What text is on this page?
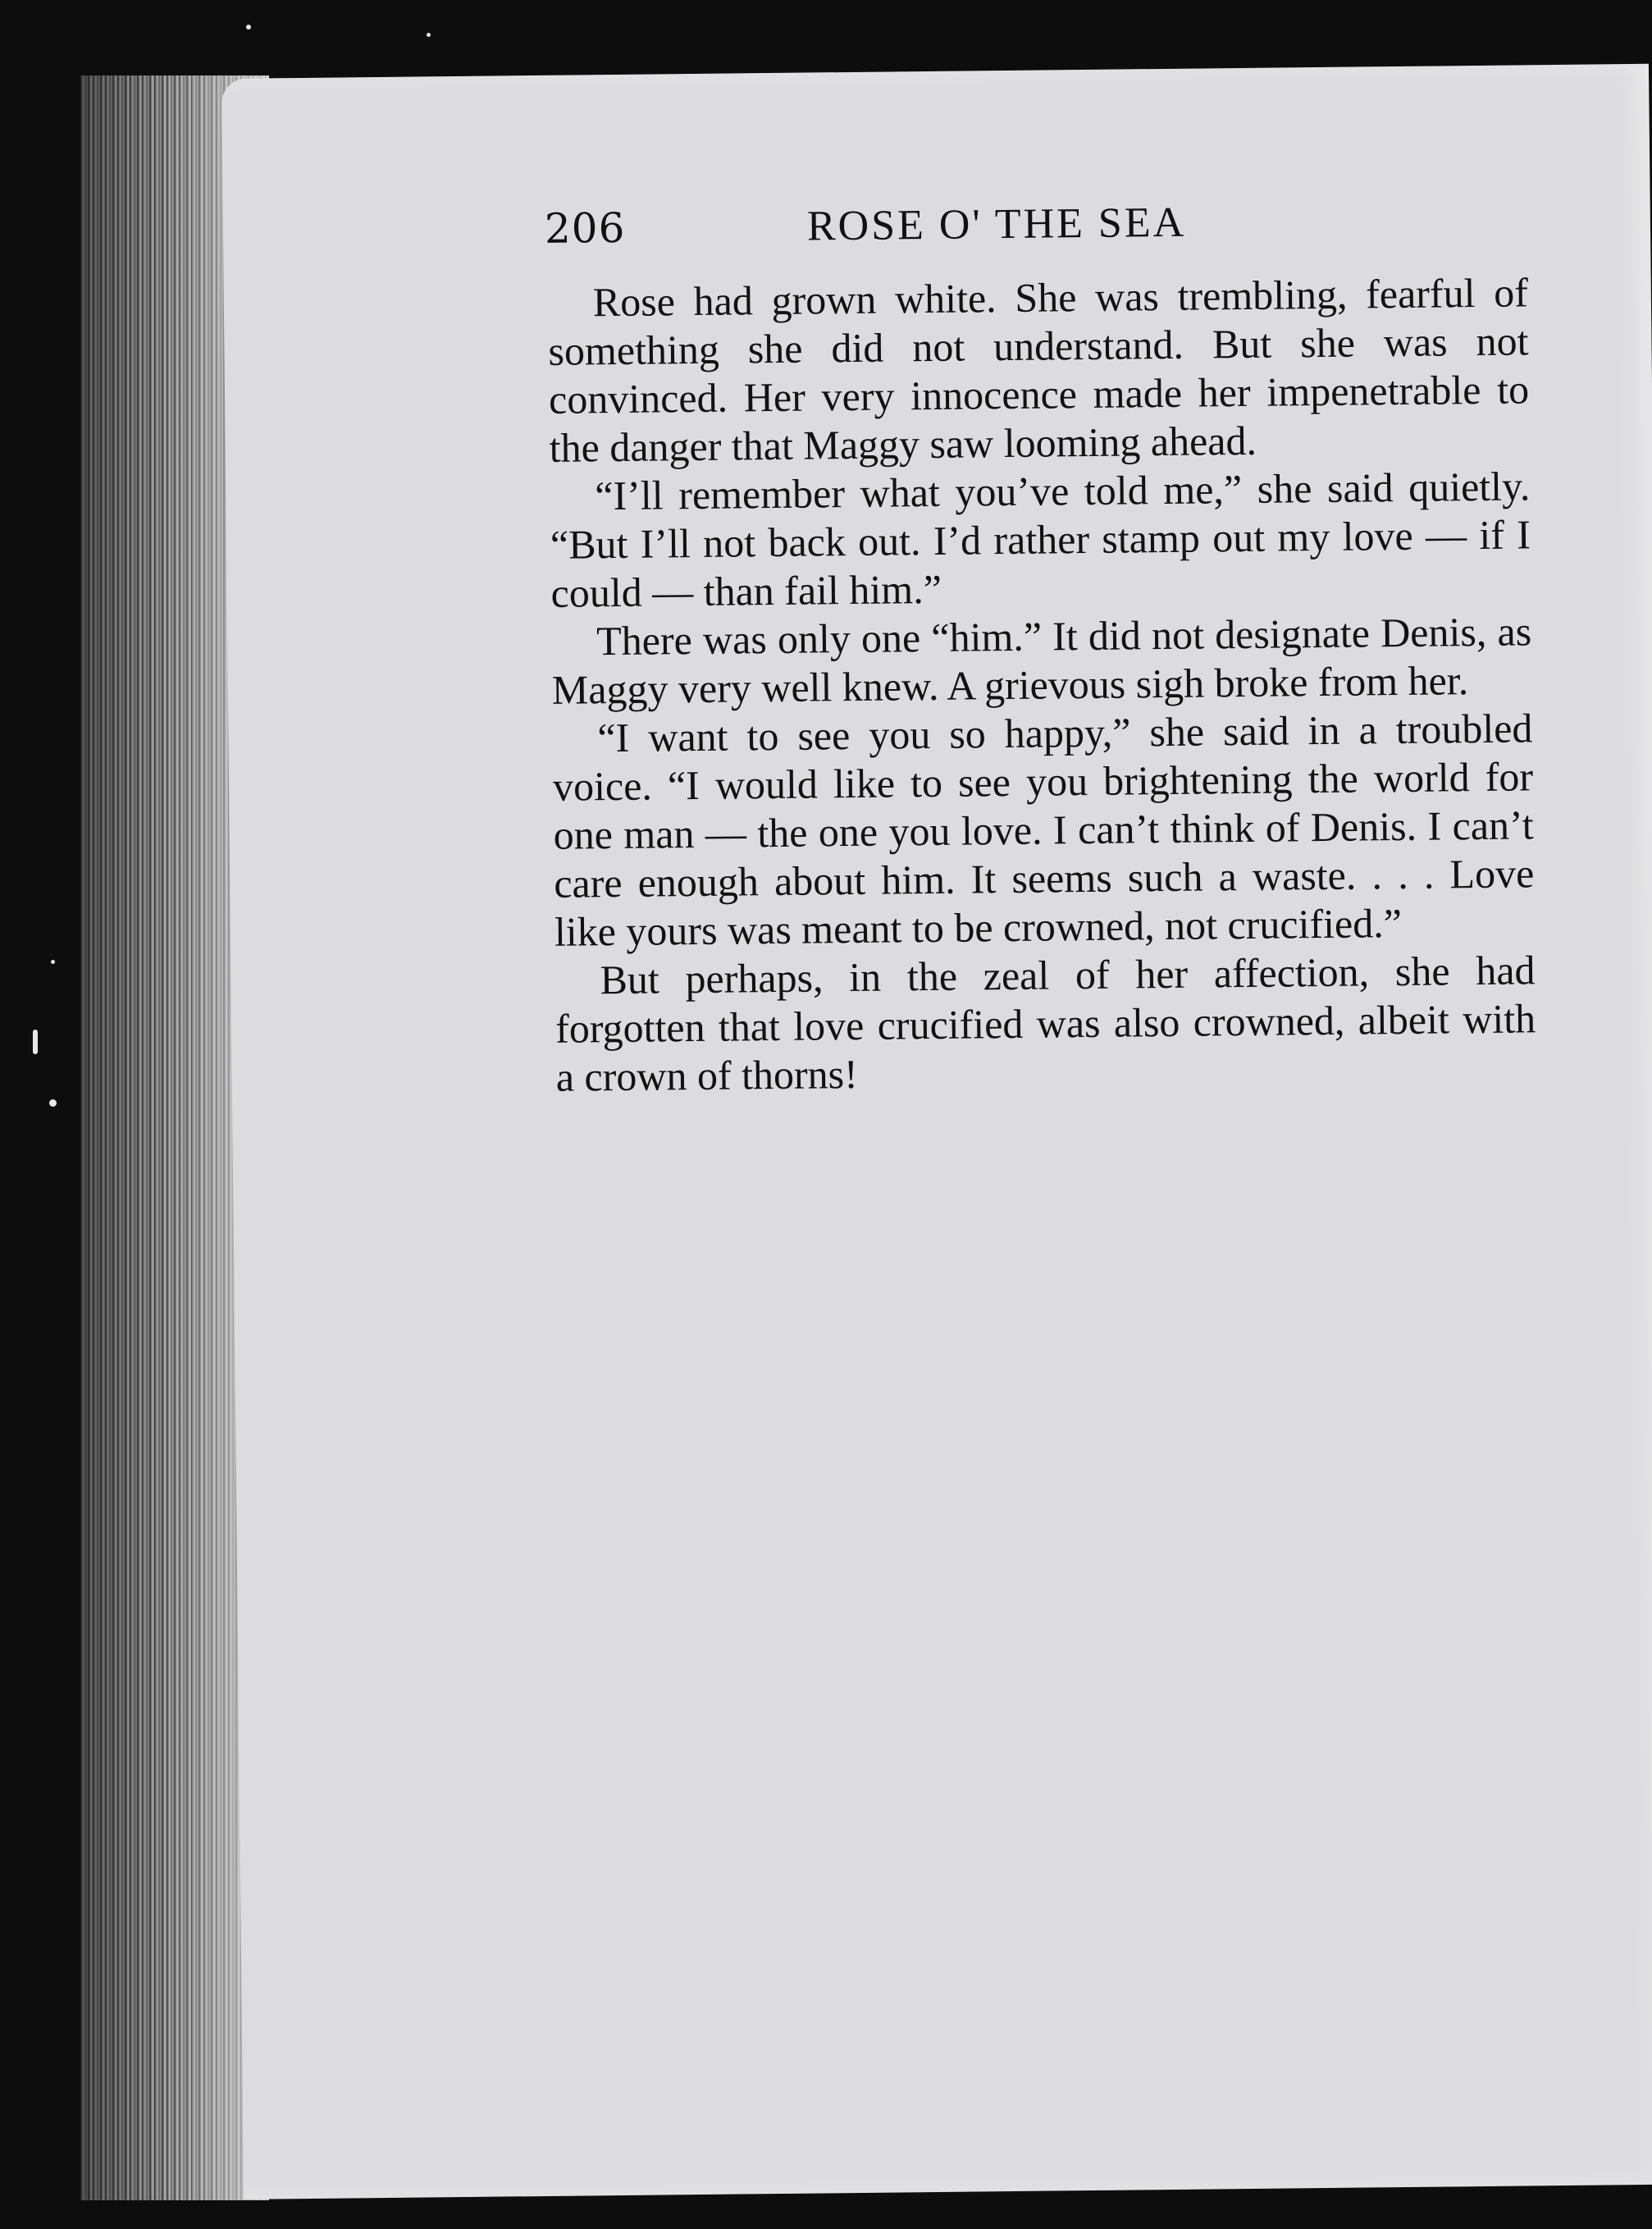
206	ROSE O' THE SEA

Rose had grown white. She was trembling, fearful of something she did not understand. But she was not convinced. Her very innocence made her impenetrable to the danger that Maggy saw looming ahead.

“I’ll remember what you’ve told me,” she said quietly. “But I’ll not back out. I’d rather stamp out my love — if I could — than fail him.”

There was only one “him.” It did not designate Denis, as Maggy very well knew. A grievous sigh broke from her.

“I want to see you so happy,” she said in a troubled voice. “I would like to see you brightening the world for one man — the one you love. I can’t think of Denis. I can’t care enough about him. It seems such a waste. . . . Love like yours was meant to be crowned, not crucified.”

But perhaps, in the zeal of her affection, she had forgotten that love crucified was also crowned, albeit with a crown of thorns!
